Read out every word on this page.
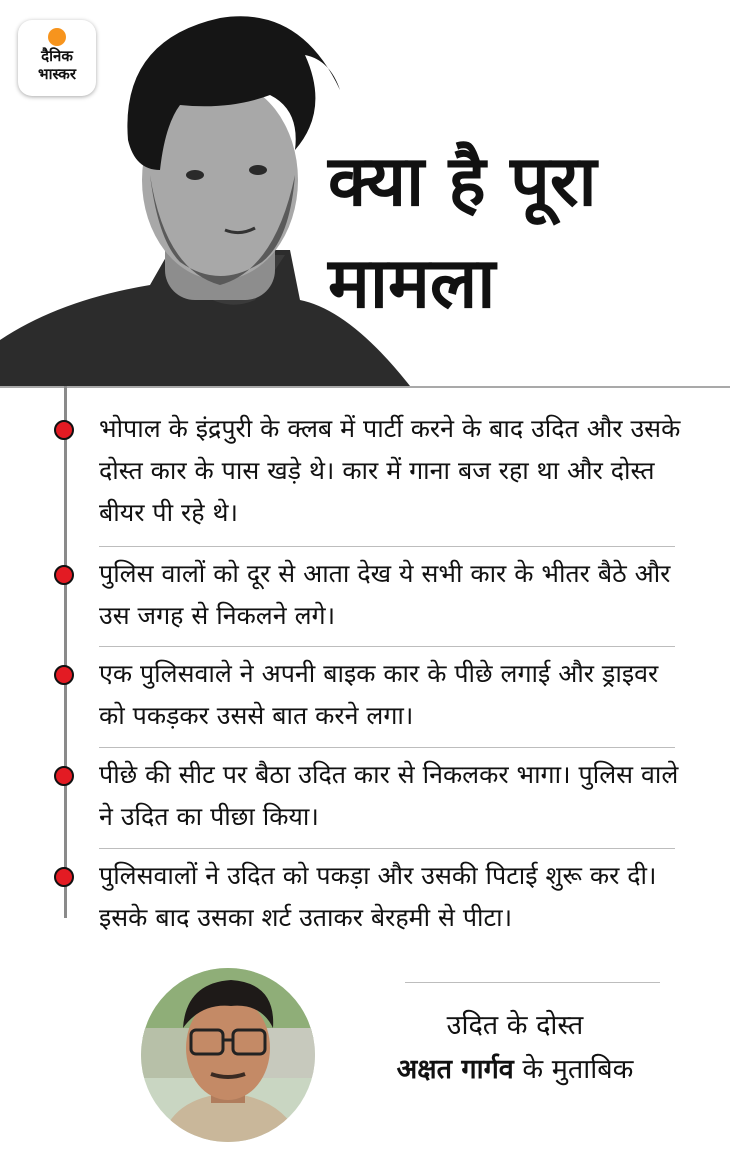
दैनिक
भास्कर
क्या है पूरा
मामला
भोपाल के इंद्रपुरी के क्लब में पार्टी करने के बाद उदित और उसके दोस्त कार के पास खड़े थे। कार में गाना बज रहा था और दोस्त बीयर पी रहे थे।
पुलिस वालों को दूर से आता देख ये सभी कार के भीतर बैठे और उस जगह से निकलने लगे।
एक पुलिसवाले ने अपनी बाइक कार के पीछे लगाई और ड्राइवर को पकड़कर उससे बात करने लगा।
पीछे की सीट पर बैठा उदित कार से निकलकर भागा। पुलिस वाले ने उदित का पीछा किया।
पुलिसवालों ने उदित को पकड़ा और उसकी पिटाई शुरू कर दी। इसके बाद उसका शर्ट उताकर बेरहमी से पीटा।
उदित के दोस्त
अक्षत गार्गव के मुताबिक
